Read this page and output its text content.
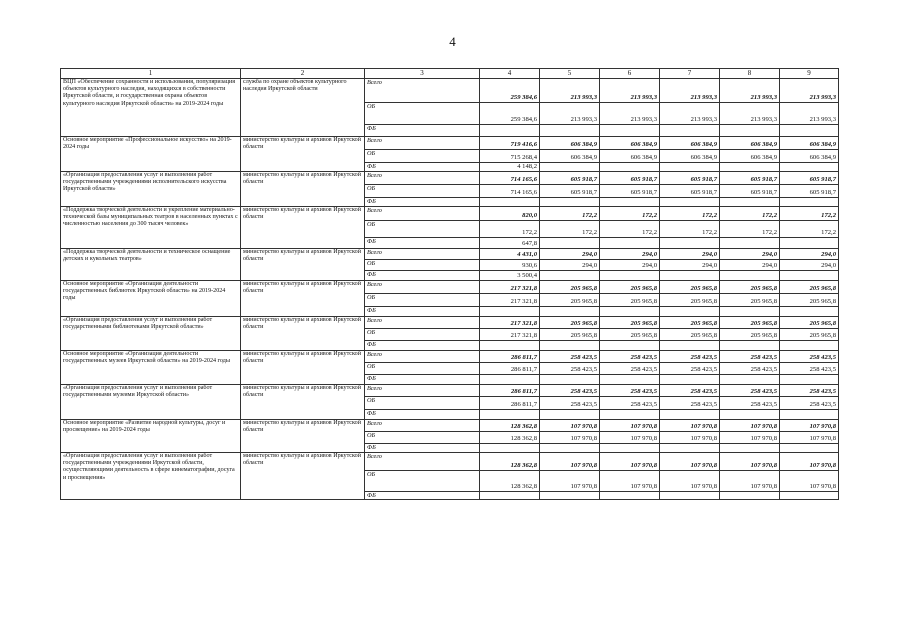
4
1	2	3	4	5	6	7	8	9
ВЦП «Обеспечение сохранности и использования, популяризация объектов культурного наследия, находящихся в собственности Иркутской области, и государственная охрана объектов культурного наследия Иркутской области» на 2019-2024 годы	служба по охране объектов культурного наследия Иркутской области	Всего	259 384,6	213 993,3	213 993,3	213 993,3	213 993,3	213 993,3
		ОБ	259 384,6	213 993,3	213 993,3	213 993,3	213 993,3	213 993,3
		ФБ						
Основное мероприятие «Профессиональное искусство» на 2019-2024 годы	министерство культуры и архивов Иркутской области	Всего	719 416,6	606 384,9	606 384,9	606 384,9	606 384,9	606 384,9
		ОБ	715 268,4	606 384,9	606 384,9	606 384,9	606 384,9	606 384,9
		ФБ	4 148,2					
«Организация предоставления услуг и выполнения работ государственными учреждениями исполнительского искусства Иркутской области»	министерство культуры и архивов Иркутской области	Всего	714 165,6	605 918,7	605 918,7	605 918,7	605 918,7	605 918,7
		ОБ	714 165,6	605 918,7	605 918,7	605 918,7	605 918,7	605 918,7
		ФБ						
«Поддержка творческой деятельности и укрепление материально-технической базы муниципальных театров в населенных пунктах с численностью населения до 300 тысяч человек»	министерство культуры и архивов Иркутской области	Всего	820,0	172,2	172,2	172,2	172,2	172,2
		ОБ	172,2	172,2	172,2	172,2	172,2	172,2
		ФБ	647,8					
«Поддержка творческой деятельности и техническое оснащение детских и кукольных театров»	министерство культуры и архивов Иркутской области	Всего	4 431,0	294,0	294,0	294,0	294,0	294,0
		ОБ	930,6	294,0	294,0	294,0	294,0	294,0
		ФБ	3 500,4					
Основное мероприятие «Организация деятельности государственных библиотек Иркутской области» на 2019-2024 годы	министерство культуры и архивов Иркутской области	Всего	217 321,8	205 965,8	205 965,8	205 965,8	205 965,8	205 965,8
		ОБ	217 321,8	205 965,8	205 965,8	205 965,8	205 965,8	205 965,8
		ФБ						
«Организация предоставления услуг и выполнения работ государственными библиотеками Иркутской области»	министерство культуры и архивов Иркутской области	Всего	217 321,8	205 965,8	205 965,8	205 965,8	205 965,8	205 965,8
		ОБ	217 321,8	205 965,8	205 965,8	205 965,8	205 965,8	205 965,8
		ФБ						
Основное мероприятие «Организация деятельности государственных музеев Иркутской области» на 2019-2024 годы	министерство культуры и архивов Иркутской области	Всего	286 811,7	258 423,5	258 423,5	258 423,5	258 423,5	258 423,5
		ОБ	286 811,7	258 423,5	258 423,5	258 423,5	258 423,5	258 423,5
		ФБ						
«Организация предоставления услуг и выполнения работ государственными музеями Иркутской области»	министерство культуры и архивов Иркутской области	Всего	286 811,7	258 423,5	258 423,5	258 423,5	258 423,5	258 423,5
		ОБ	286 811,7	258 423,5	258 423,5	258 423,5	258 423,5	258 423,5
		ФБ						
Основное мероприятие «Развитие народной культуры, досуг и просвещение» на 2019-2024 годы	министерство культуры и архивов Иркутской области	Всего	128 362,8	107 970,8	107 970,8	107 970,8	107 970,8	107 970,8
		ОБ	128 362,8	107 970,8	107 970,8	107 970,8	107 970,8	107 970,8
		ФБ						
«Организация предоставления услуг и выполнения работ государственными учреждениями Иркутской области, осуществляющими деятельность в сфере кинематографии, досуга и просвещения»	министерство культуры и архивов Иркутской области	Всего	128 362,8	107 970,8	107 970,8	107 970,8	107 970,8	107 970,8
		ОБ	128 362,8	107 970,8	107 970,8	107 970,8	107 970,8	107 970,8
		ФБ						
